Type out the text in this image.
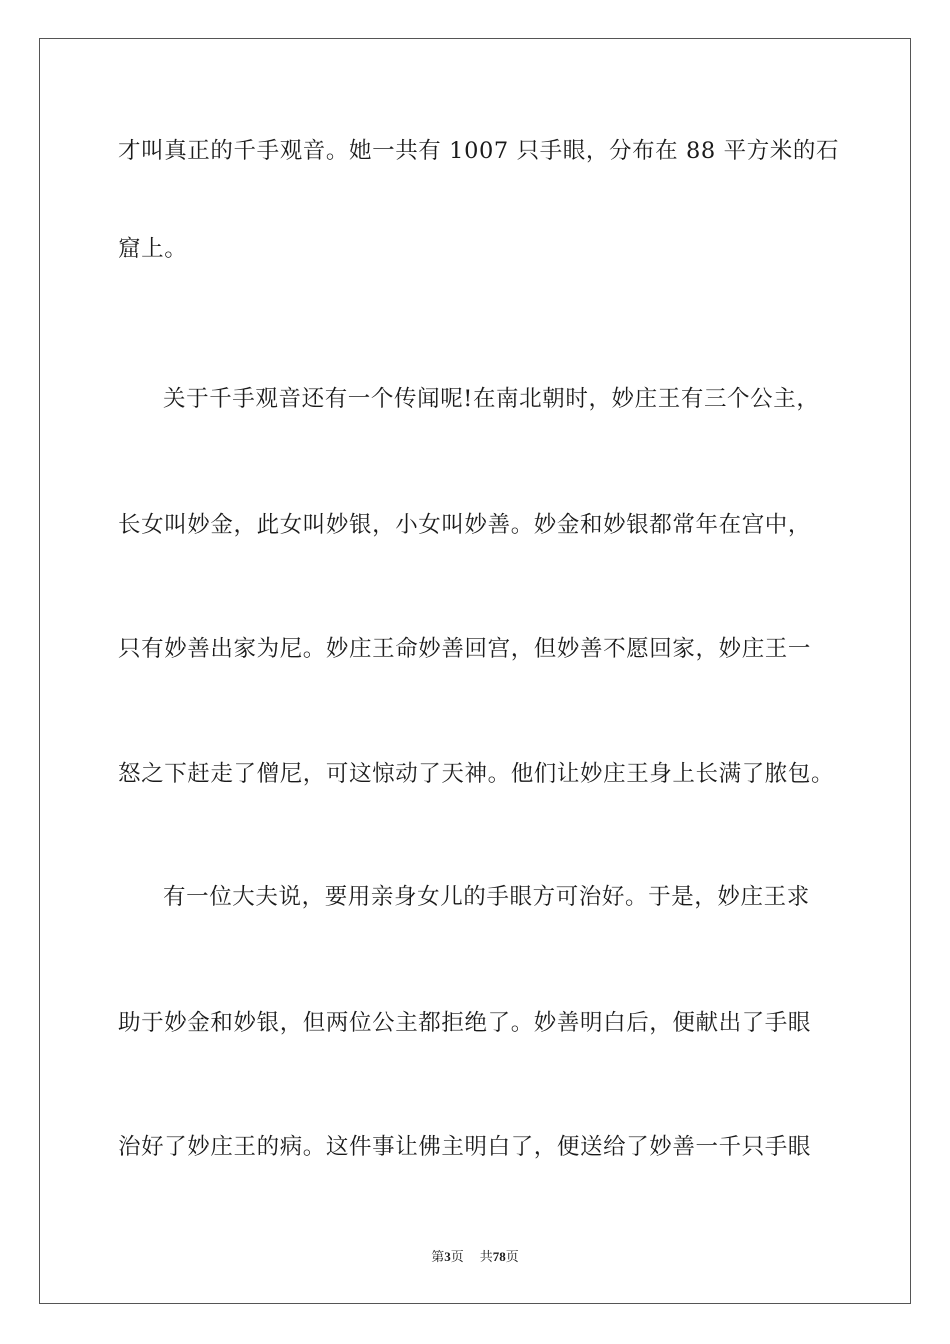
才叫真正的千手观音。她一共有 1007 只手眼，分布在 88 平方米的石
窟上。
关于千手观音还有一个传闻呢!在南北朝时，妙庄王有三个公主，
长女叫妙金，此女叫妙银，小女叫妙善。妙金和妙银都常年在宫中，
只有妙善出家为尼。妙庄王命妙善回宫，但妙善不愿回家，妙庄王一
怒之下赶走了僧尼，可这惊动了天神。他们让妙庄王身上长满了脓包。
有一位大夫说，要用亲身女儿的手眼方可治好。于是，妙庄王求
助于妙金和妙银，但两位公主都拒绝了。妙善明白后，便献出了手眼
治好了妙庄王的病。这件事让佛主明白了，便送给了妙善一千只手眼
第3页 共78页
